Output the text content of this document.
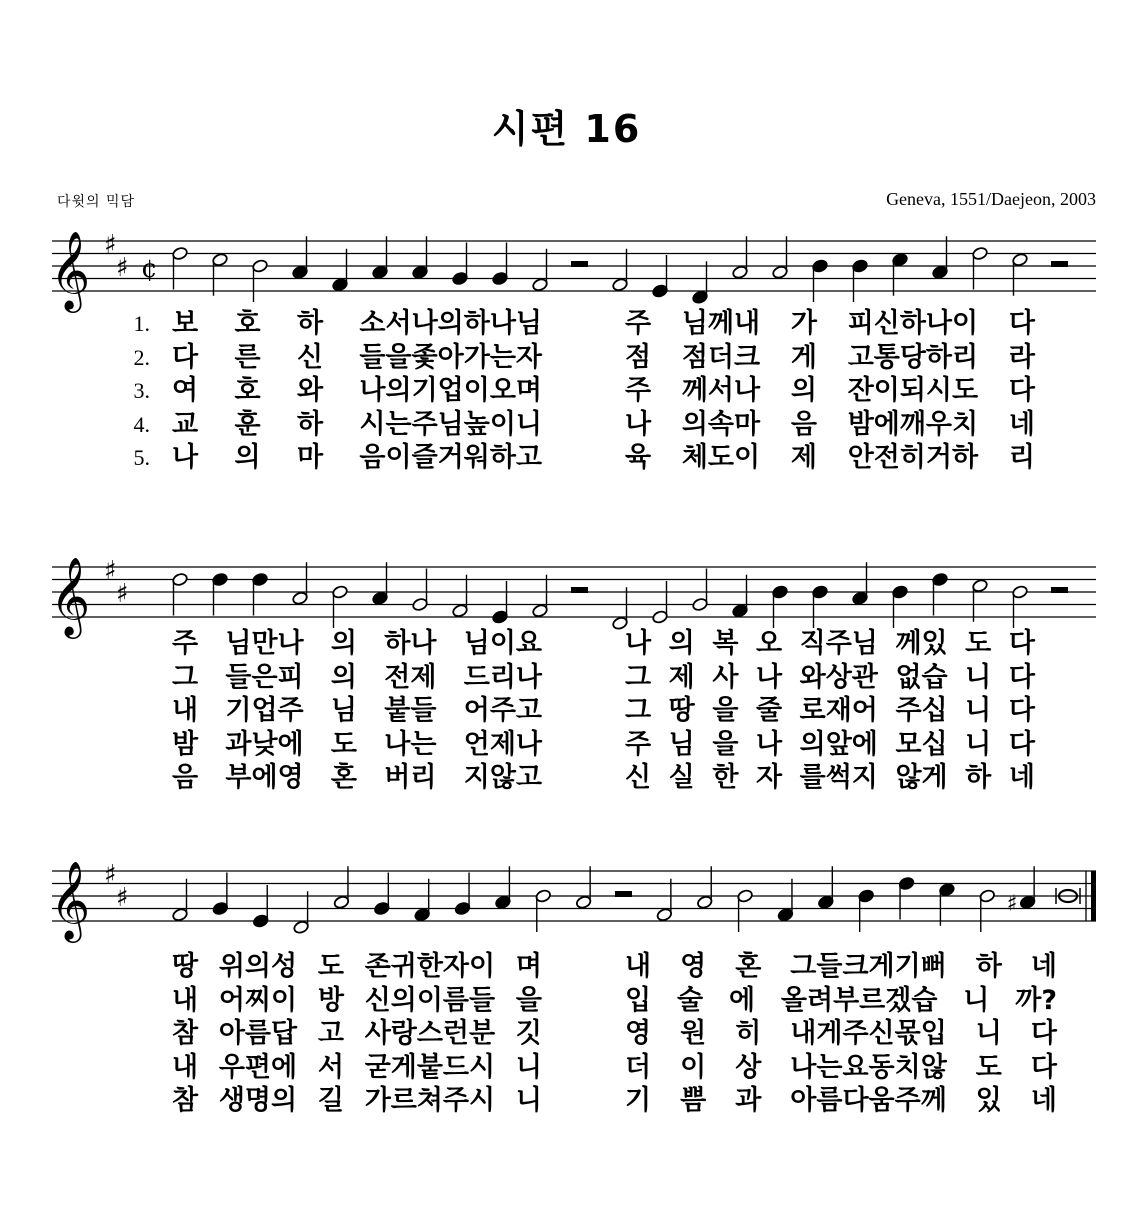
시편 16
다윗의 믹담	Geneva, 1551/Daejeon, 2003
𝄞 ♯
♯ ¢
𝄞 ♯
♯
𝄞 ♯
♯	♯
1. 보 호 하 소서나의하나님	주 님께내 가 피신하나이 다
2. 다 른 신 들을좇아가는자	점 점더크 게 고통당하리 라
3. 여 호 와 나의기업이오며	주 께서나 의 잔이되시도 다
4. 교 훈 하 시는주님높이니	나 의속마 음 밤에깨우치 네
5. 나 의 마 음이즐거워하고	육 체도이 제 안전히거하 리
주 님만나 의 하나 님이요	나 의 복 오 직주님 께있 도 다
그 들은피 의 전제 드리나	그 제 사 나 와상관 없습 니 다
내 기업주 님 붙들 어주고	그 땅 을 줄 로재어 주십 니 다
밤 과낮에 도 나는 언제나	주 님 을 나 의앞에 모십 니 다
음 부에영 혼 버리 지않고	신 실 한 자 를썩지 않게 하 네
땅 위의성 도 존귀한자이 며	내 영 혼 그들크게기뻐 하 네
내 어찌이 방 신의이름들 을	입 술 에 올려부르겠습 니 까?
참 아름답 고 사랑스런분 깃	영 원 히 내게주신몫입 니 다
내 우편에 서 굳게붙드시 니	더 이 상 나는요동치않 도 다
참 생명의 길 가르쳐주시 니	기 쁨 과 아름다움주께 있 네
